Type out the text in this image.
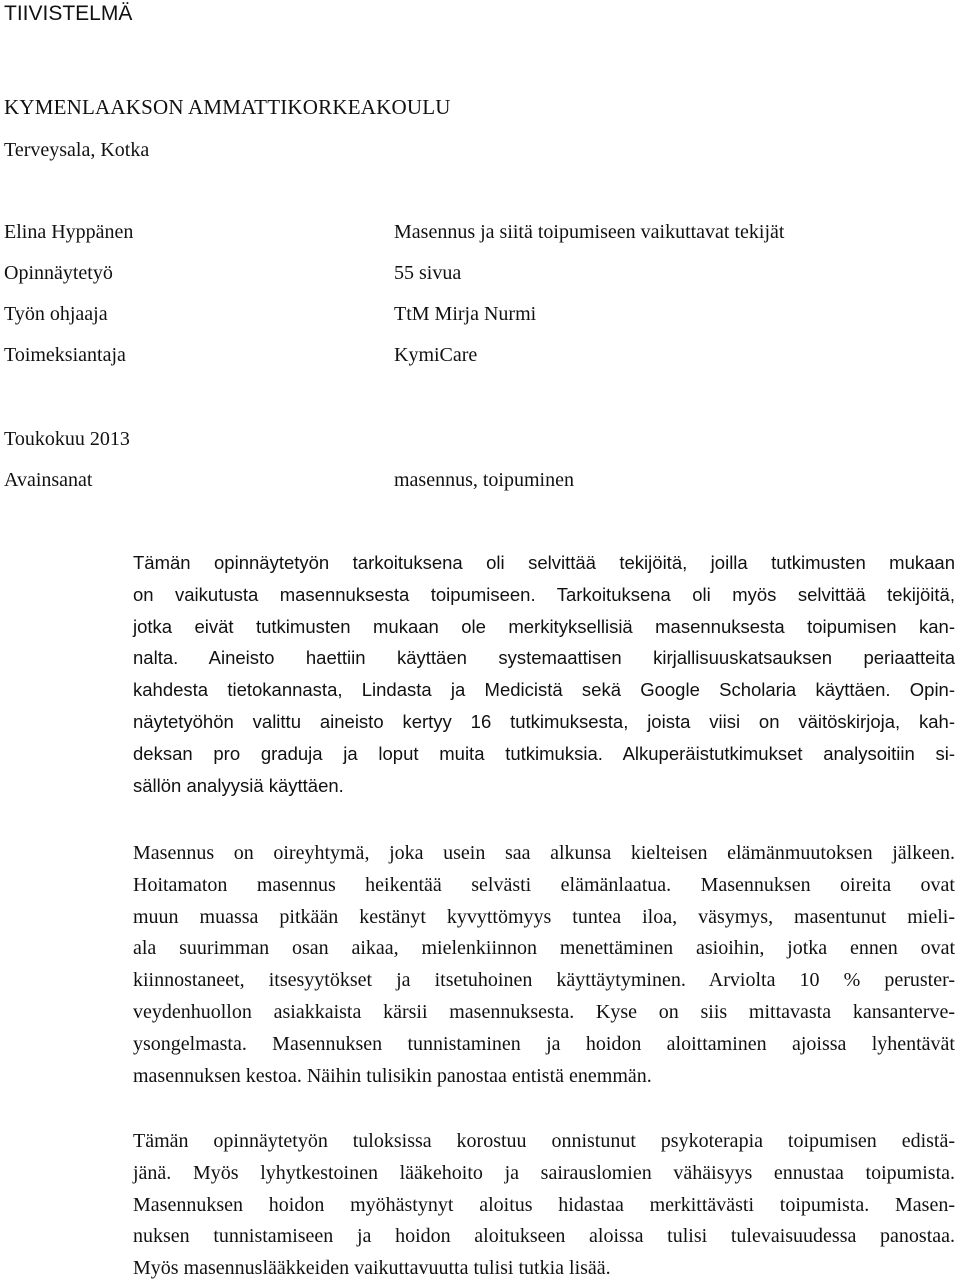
TIIVISTELMÄ
KYMENLAAKSON AMMATTIKORKEAKOULU
Terveysala, Kotka
Elina Hyppänen	Masennus ja siitä toipumiseen vaikuttavat tekijät
Opinnäytetyö	55 sivua
Työn ohjaaja	TtM Mirja Nurmi
Toimeksiantaja	KymiCare
Toukokuu 2013
Avainsanat	masennus, toipuminen
Tämän opinnäytetyön tarkoituksena oli selvittää tekijöitä, joilla tutkimusten mukaan
on vaikutusta masennuksesta toipumiseen. Tarkoituksena oli myös selvittää tekijöitä,
jotka eivät tutkimusten mukaan ole merkityksellisiä masennuksesta toipumisen kan-
nalta. Aineisto haettiin käyttäen systemaattisen kirjallisuuskatsauksen periaatteita
kahdesta tietokannasta, Lindasta ja Medicistä sekä Google Scholaria käyttäen. Opin-
näytetyöhön valittu aineisto kertyy 16 tutkimuksesta, joista viisi on väitöskirjoja, kah-
deksan pro graduja ja loput muita tutkimuksia. Alkuperäistutkimukset analysoitiin si-
sällön analyysiä käyttäen.
Masennus on oireyhtymä, joka usein saa alkunsa kielteisen elämänmuutoksen jälkeen.
Hoitamaton masennus heikentää selvästi elämänlaatua. Masennuksen oireita ovat
muun muassa pitkään kestänyt kyvyttömyys tuntea iloa, väsymys, masentunut mieli-
ala suurimman osan aikaa, mielenkiinnon menettäminen asioihin, jotka ennen ovat
kiinnostaneet, itsesyytökset ja itsetuhoinen käyttäytyminen. Arviolta 10 % peruster-
veydenhuollon asiakkaista kärsii masennuksesta. Kyse on siis mittavasta kansanterve-
ysongelmasta. Masennuksen tunnistaminen ja hoidon aloittaminen ajoissa lyhentävät
masennuksen kestoa. Näihin tulisikin panostaa entistä enemmän.
Tämän opinnäytetyön tuloksissa korostuu onnistunut psykoterapia toipumisen edistä-
jänä. Myös lyhytkestoinen lääkehoito ja sairauslomien vähäisyys ennustaa toipumista.
Masennuksen hoidon myöhästynyt aloitus hidastaa merkittävästi toipumista. Masen-
nuksen tunnistamiseen ja hoidon aloitukseen aloissa tulisi tulevaisuudessa panostaa.
Myös masennuslääkkeiden vaikuttavuutta tulisi tutkia lisää.
